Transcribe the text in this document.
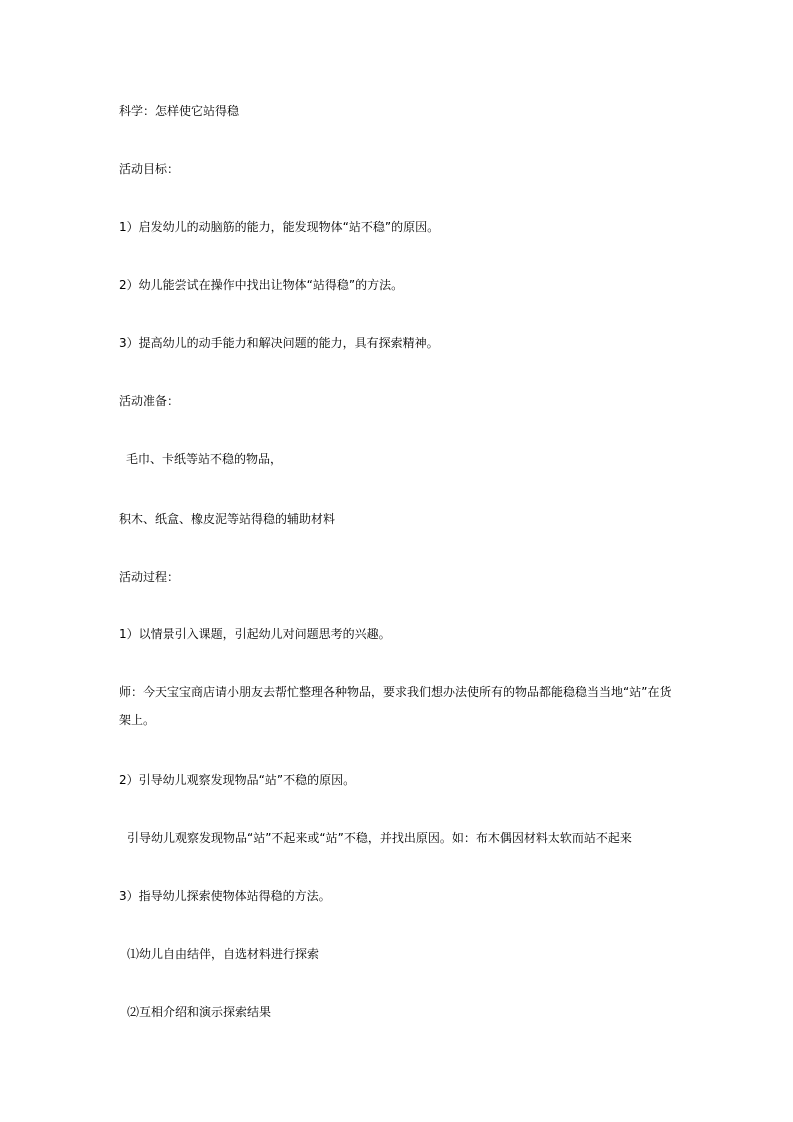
科学：怎样使它站得稳
活动目标：
1）启发幼儿的动脑筋的能力，能发现物体“站不稳”的原因。
2）幼儿能尝试在操作中找出让物体“站得稳”的方法。
3）提高幼儿的动手能力和解决问题的能力，具有探索精神。
活动准备：
毛巾、卡纸等站不稳的物品，
积木、纸盒、橡皮泥等站得稳的辅助材料
活动过程：
1）以情景引入课题，引起幼儿对问题思考的兴趣。
师：今天宝宝商店请小朋友去帮忙整理各种物品，要求我们想办法使所有的物品都能稳稳当当地“站”在货架上。
2）引导幼儿观察发现物品“站”不稳的原因。
引导幼儿观察发现物品“站”不起来或“站”不稳，并找出原因。如：布木偶因材料太软而站不起来
3）指导幼儿探索使物体站得稳的方法。
⑴幼儿自由结伴，自选材料进行探索
⑵互相介绍和演示探索结果
